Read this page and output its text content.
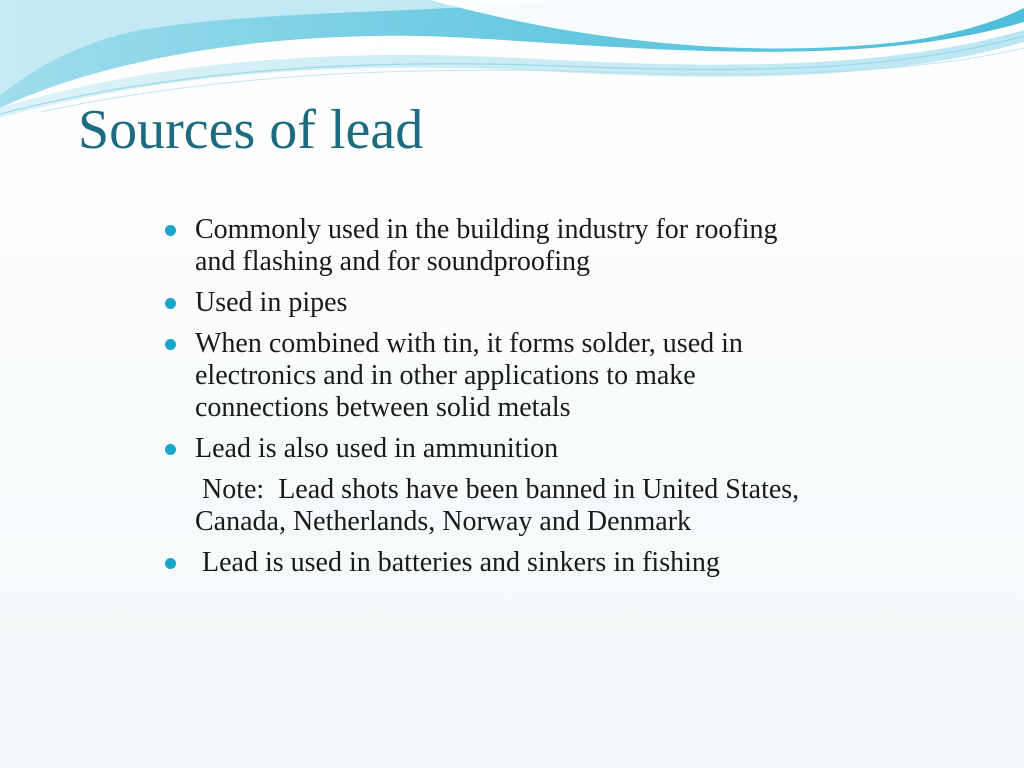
Sources of lead
Commonly used in the building industry for roofing and flashing and for soundproofing
Used in pipes
When combined with tin, it forms solder, used in electronics and in other applications to make connections between solid metals
Lead is also used in ammunition
Note:  Lead shots have been banned in United States, Canada, Netherlands, Norway and Denmark
Lead is used in batteries and sinkers in fishing
